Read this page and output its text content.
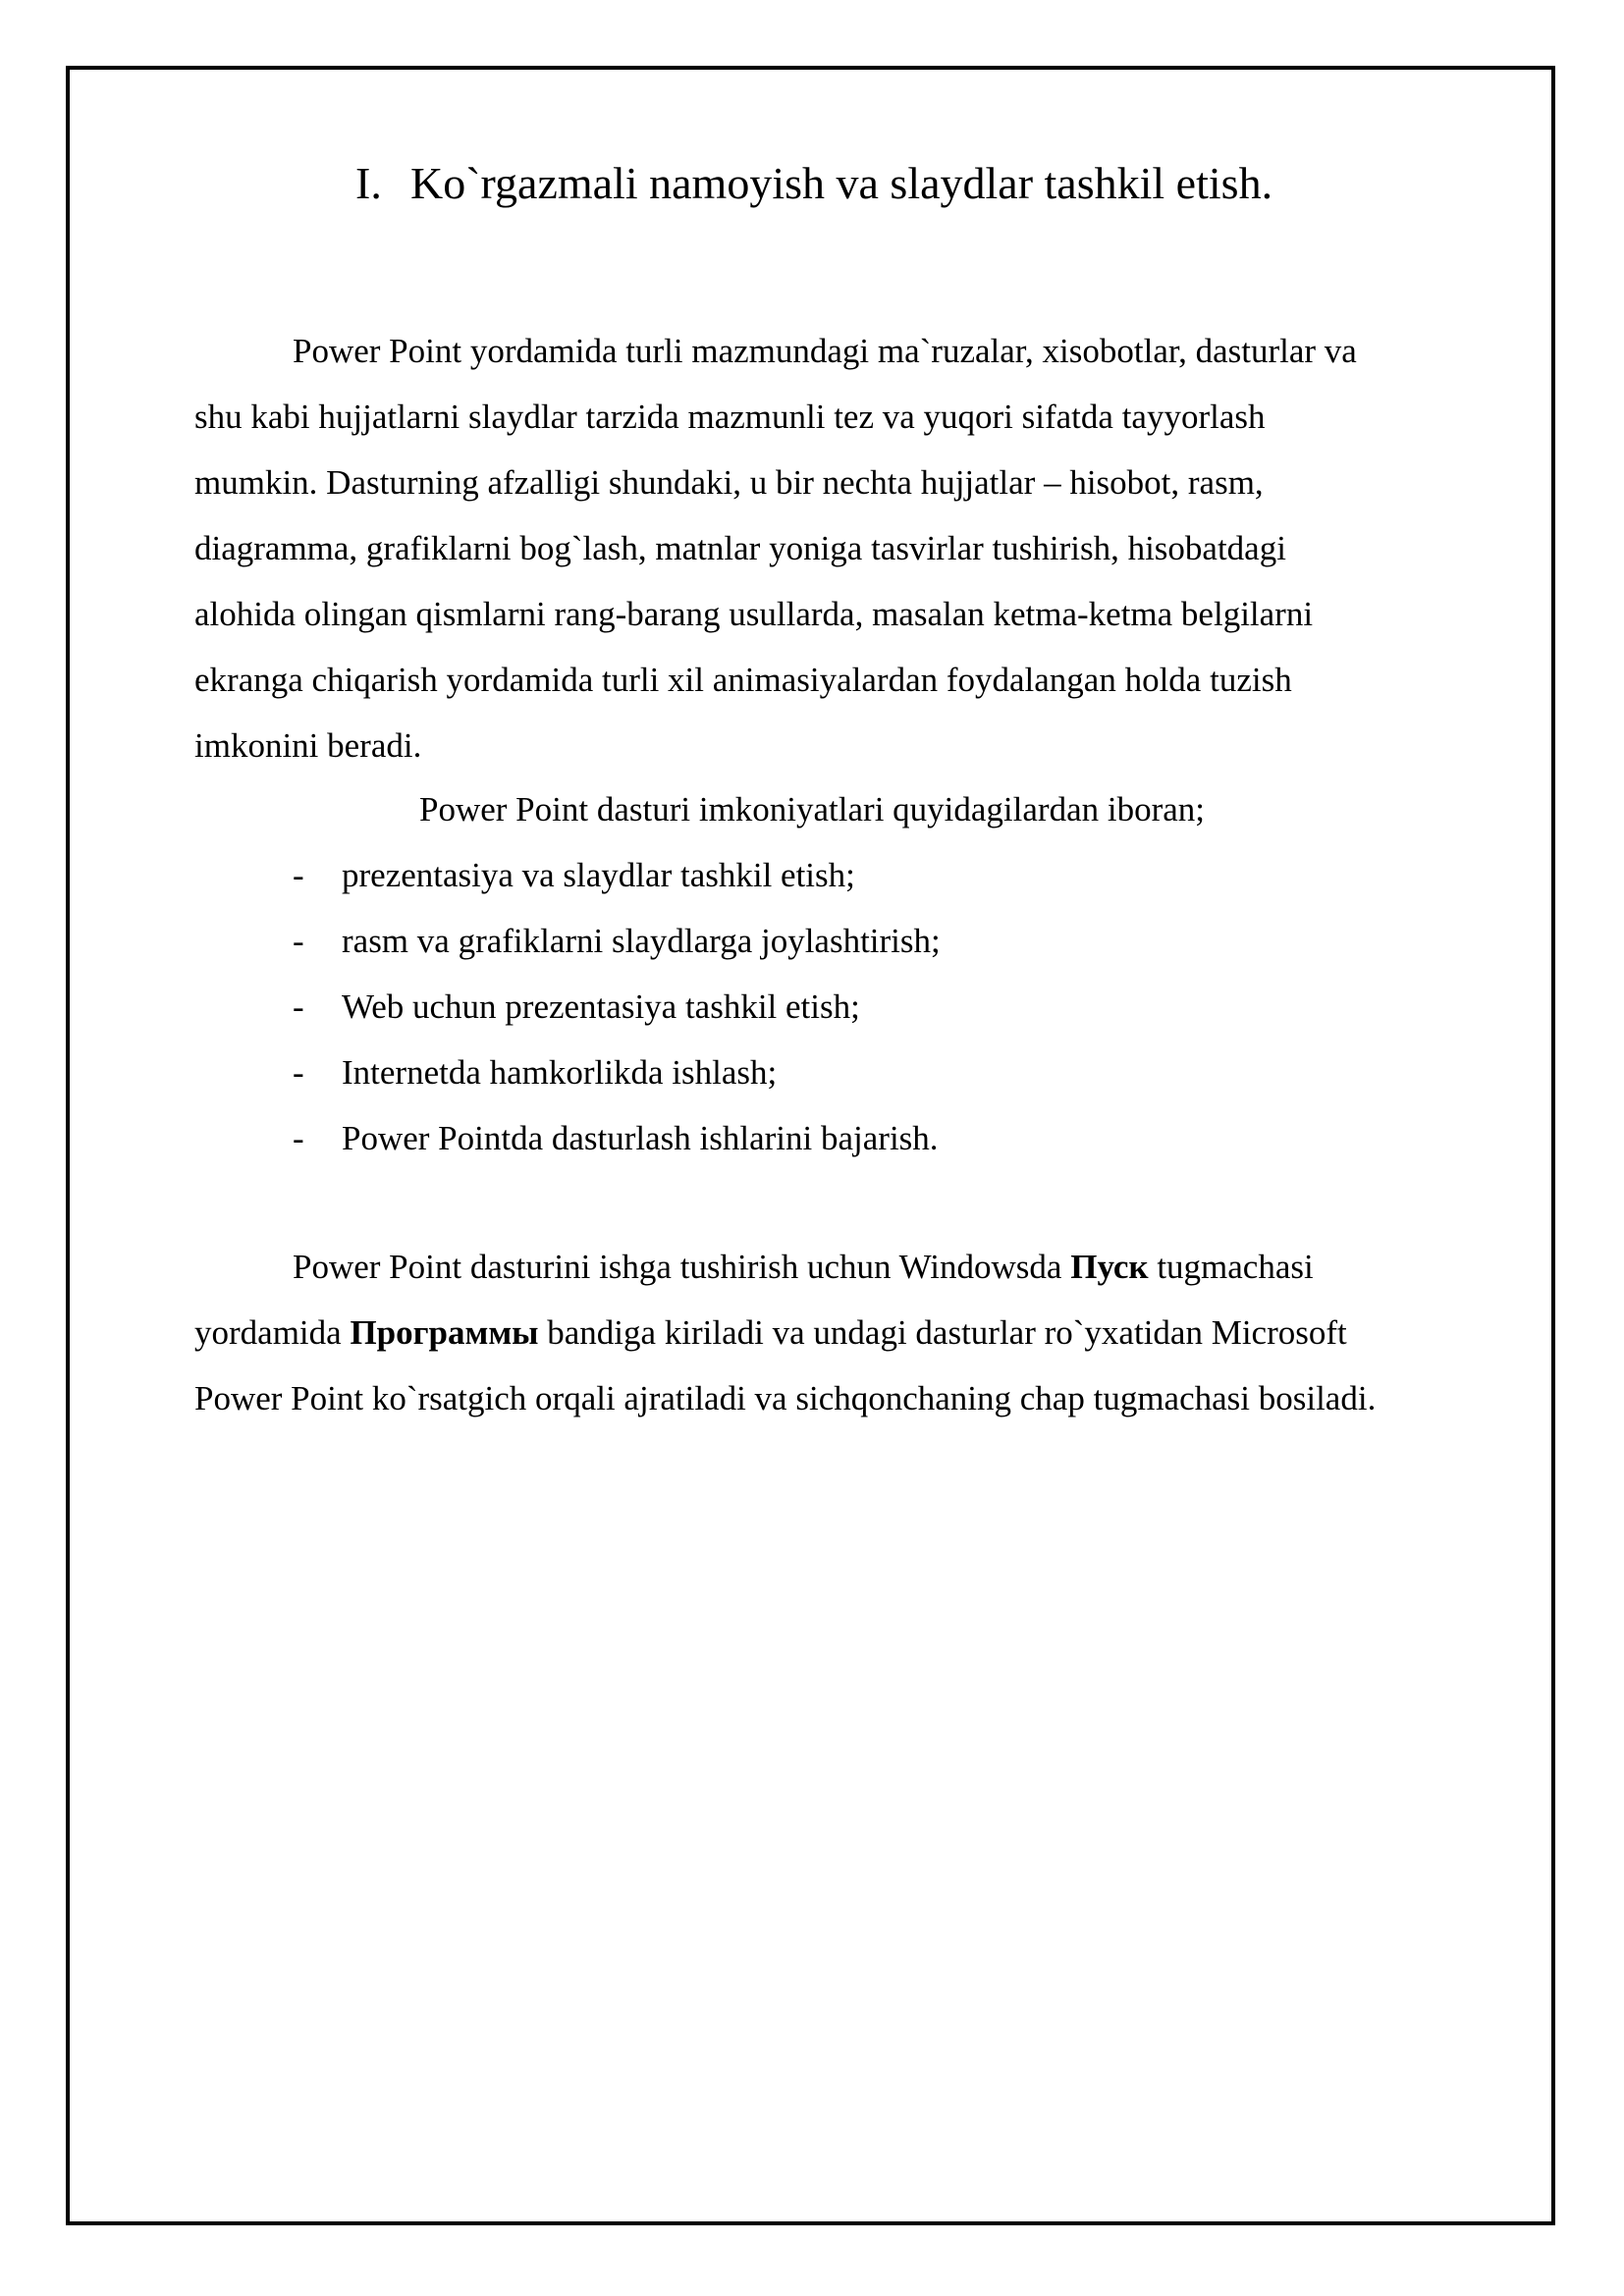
I. Ko`rgazmali namoyish va slaydlar tashkil etish.
Power Point yordamida turli mazmundagi ma`ruzalar, xisobotlar, dasturlar va
shu kabi hujjatlarni slaydlar tarzida mazmunli tez va yuqori sifatda tayyorlash
mumkin. Dasturning afzalligi shundaki, u bir nechta hujjatlar – hisobot, rasm,
diagramma, grafiklarni bog`lash, matnlar yoniga tasvirlar tushirish, hisobatdagi
alohida olingan qismlarni rang-barang usullarda, masalan ketma-ketma belgilarni
ekranga chiqarish yordamida turli xil animasiyalardan foydalangan holda tuzish
imkonini beradi.
Power Point dasturi imkoniyatlari quyidagilardan iboran;
- prezentasiya va slaydlar tashkil etish;
- rasm va grafiklarni slaydlarga joylashtirish;
- Web uchun prezentasiya tashkil etish;
- Internetda hamkorlikda ishlash;
- Power Pointda dasturlash ishlarini bajarish.
Power Point dasturini ishga tushirish uchun Windowsda Пуск tugmachasi
yordamida Программы bandiga kiriladi va undagi dasturlar ro`yxatidan Microsoft
Power Point ko`rsatgich orqali ajratiladi va sichqonchaning chap tugmachasi bosiladi.
